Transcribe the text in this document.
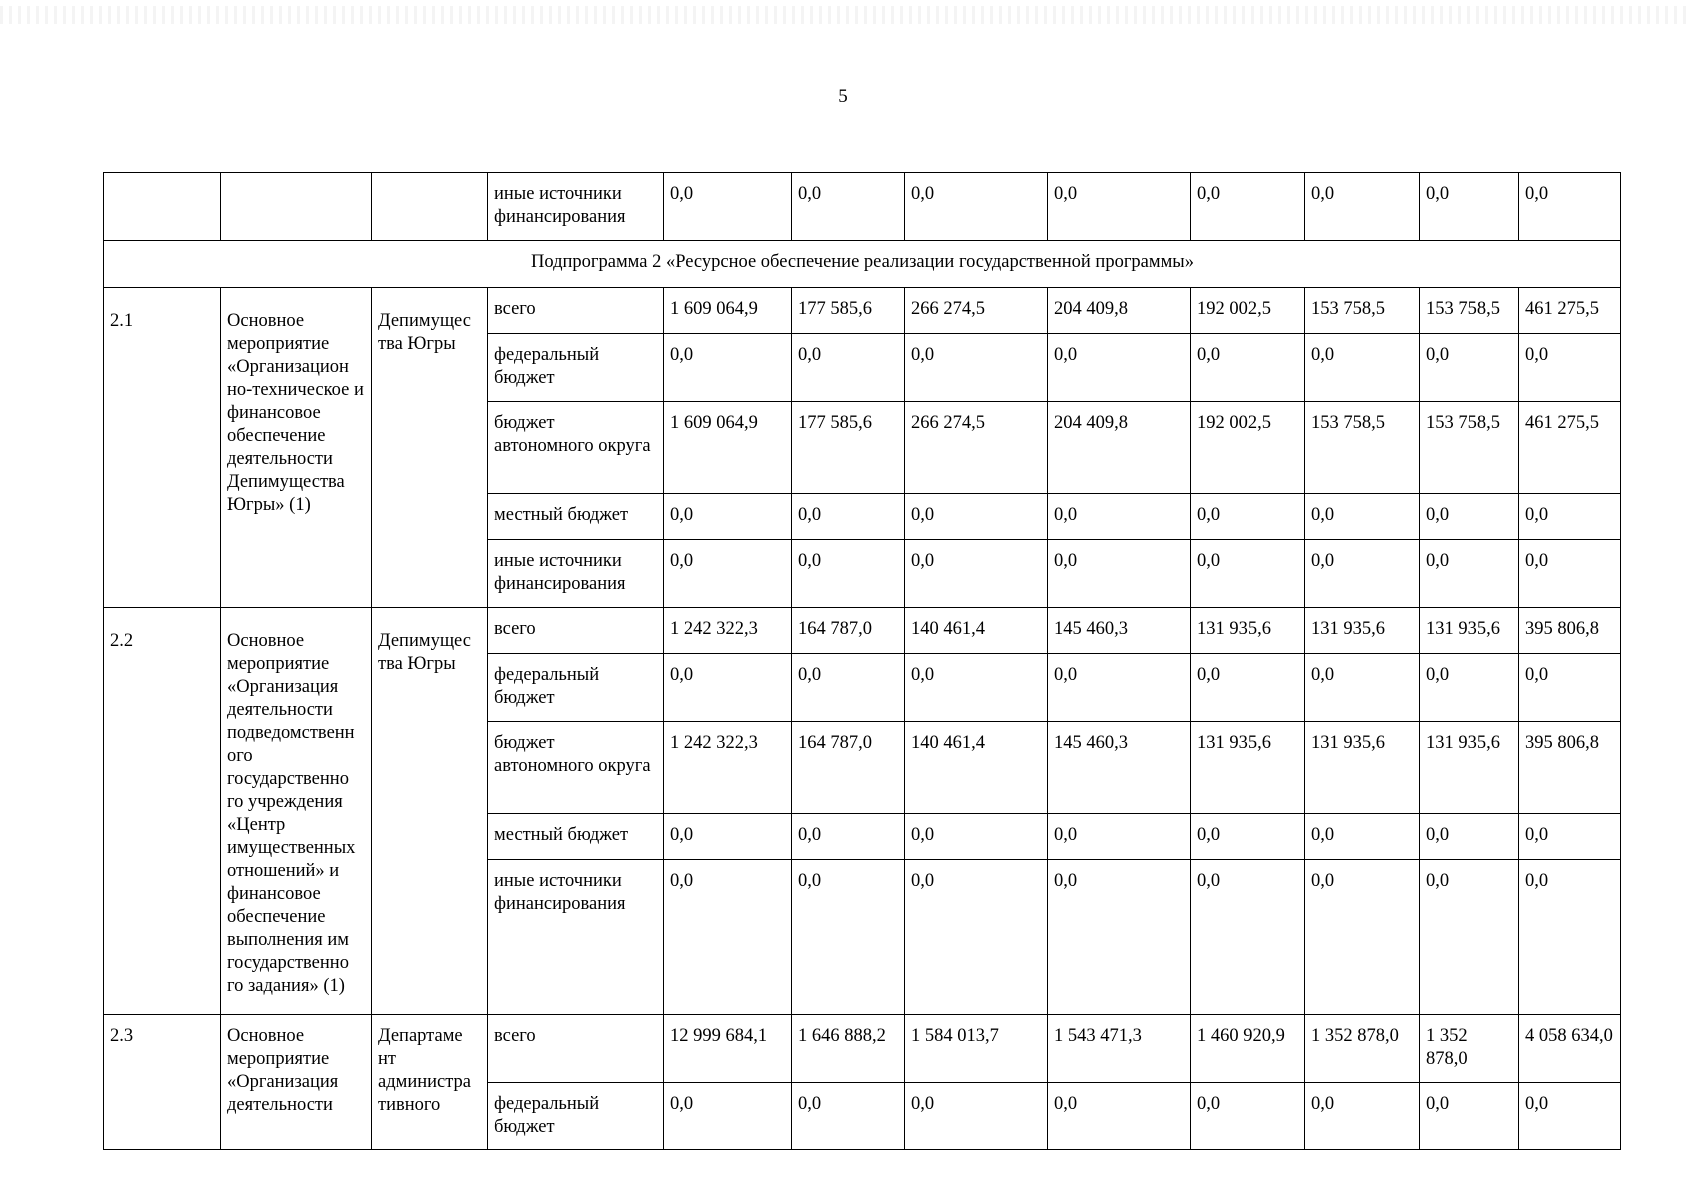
5
			иные источники финансирования	0,0	0,0	0,0	0,0	0,0	0,0	0,0	0,0
Подпрограмма 2 «Ресурсное обеспечение реализации государственной программы»											
2.1	Основное мероприятие «Организацион но-техническое и финансовое обеспечение деятельности Депимущества Югры» (1)	Депимущес тва Югры	всего	1 609 064,9	177 585,6	266 274,5	204 409,8	192 002,5	153 758,5	153 758,5	461 275,5
			федеральный бюджет	0,0	0,0	0,0	0,0	0,0	0,0	0,0	0,0
			бюджет автономного округа	1 609 064,9	177 585,6	266 274,5	204 409,8	192 002,5	153 758,5	153 758,5	461 275,5
			местный бюджет	0,0	0,0	0,0	0,0	0,0	0,0	0,0	0,0
			иные источники финансирования	0,0	0,0	0,0	0,0	0,0	0,0	0,0	0,0
2.2	Основное мероприятие «Организация деятельности подведомственн ого государственно го учреждения «Центр имущественных отношений» и финансовое обеспечение выполнения им государственно го задания» (1)	Депимущес тва Югры	всего	1 242 322,3	164 787,0	140 461,4	145 460,3	131 935,6	131 935,6	131 935,6	395 806,8
			федеральный бюджет	0,0	0,0	0,0	0,0	0,0	0,0	0,0	0,0
			бюджет автономного округа	1 242 322,3	164 787,0	140 461,4	145 460,3	131 935,6	131 935,6	131 935,6	395 806,8
			местный бюджет	0,0	0,0	0,0	0,0	0,0	0,0	0,0	0,0
			иные источники финансирования	0,0	0,0	0,0	0,0	0,0	0,0	0,0	0,0
2.3	Основное мероприятие «Организация деятельности	Департаме нт администра тивного	всего	12 999 684,1	1 646 888,2	1 584 013,7	1 543 471,3	1 460 920,9	1 352 878,0	1 352 878,0	4 058 634,0
			федеральный бюджет	0,0	0,0	0,0	0,0	0,0	0,0	0,0	0,0
